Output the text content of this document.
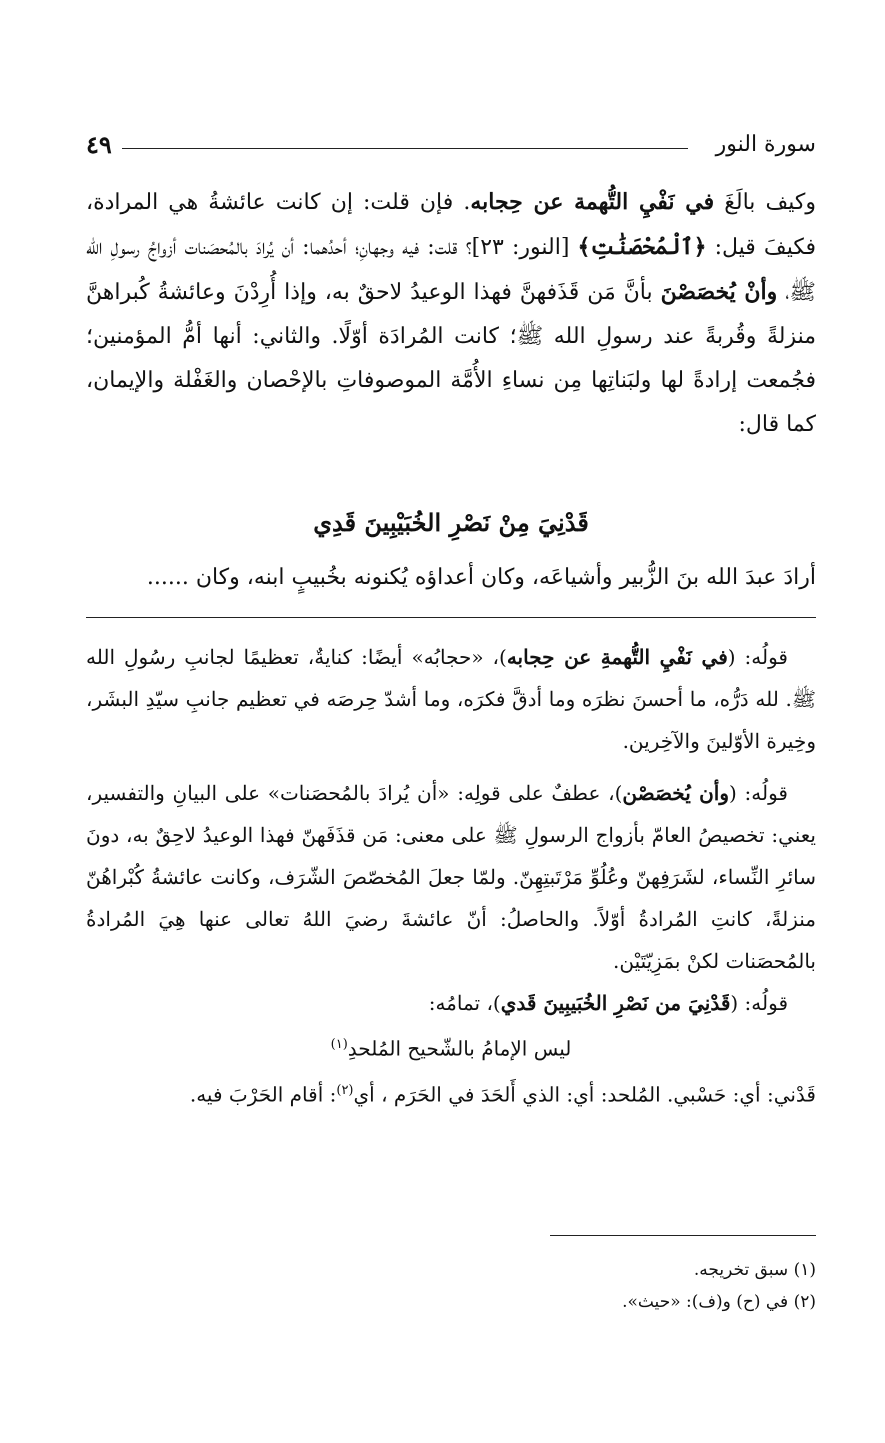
سورة النور
٤٩

وكيف بالَغَ في نَفْيِ التُّهمة عن حِجابه. فإن قلت: إن كانت عائشةُ هي المرادة، فكيفَ قيل: ﴿ٱلْمُحْصَنَٰتِ﴾ [النور: ٢٣]؟ قلت: فيه وجهانِ؛ أحدُهما: أن يُرادَ بالمُحصَنات أزواجُ رسولِ الله ﷺ، وأنْ يُخصَصْنَ بأنَّ مَن قَذَفهنَّ فهذا الوعيدُ لاحقٌ به، وإذا أُرِدْنَ وعائشةُ كُبراهنَّ منزلةً وقُربةً عند رسولِ الله ﷺ؛ كانت المُرادَة أوّلًا. والثاني: أنها أمُّ المؤمنين؛ فجُمعت إرادةً لها ولبَناتِها مِن نساءِ الأُمَّة الموصوفاتِ بالإحْصان والغَفْلة والإيمان، كما قال:

قَدْنِيَ مِنْ نَصْرِ الخُبَيْبِينَ قَدِي
أرادَ عبدَ الله بنَ الزُّبير وأشياعَه، وكان أعداؤه يُكنونه بخُبيبٍ ابنه، وكان ......

قولُه: (في نَفْيِ التُّهمةِ عن حِجابه)، «حجابُه» أيضًا: كنايةٌ، تعظيمًا لجانبِ رسُولِ الله ﷺ. لله دَرُّه، ما أحسنَ نظرَه وما أدقَّ فكرَه، وما أشدّ حِرصَه في تعظيم جانبِ سيّدِ البشَر، وخِيرة الأوّلينَ والآخِرين.

قولُه: (وأن يُخصَصْن)، عطفٌ على قولِه: «أن يُرادَ بالمُحصَنات» على البيانِ والتفسير، يعني: تخصيصُ العامّ بأزواج الرسولِ ﷺ على معنى: مَن قذَفَهنّ فهذا الوعيدُ لاحِقٌ به، دونَ سائرِ النِّساء، لشَرَفِهنّ وعُلُوِّ مَرْتَبتِهِنّ. ولمّا جعلَ المُخصّصَ الشّرَف، وكانت عائشةُ كُبْراهُنّ منزلةً، كانتِ المُرادةُ أوّلاً. والحاصلُ: أنّ عائشةَ رضيَ اللهُ تعالى عنها هِيَ المُرادةُ بالمُحصَنات لكنْ بمَزِيّتَيْن.

قولُه: (قَدْنِيَ من نَصْرِ الخُبَيبِينَ قَدي)، تمامُه:

ليس الإمامُ بالشّحيح المُلحدِ$^{(١)}$

قَدْني: أي: حَسْبي. المُلحد: أي: الذي أَلحَدَ في الحَرَم ، أي$^{(٢)}$: أقام الحَرْبَ فيه.

(١) سبق تخريجه.

(٢) في (ح) و(ف): «حيث».
